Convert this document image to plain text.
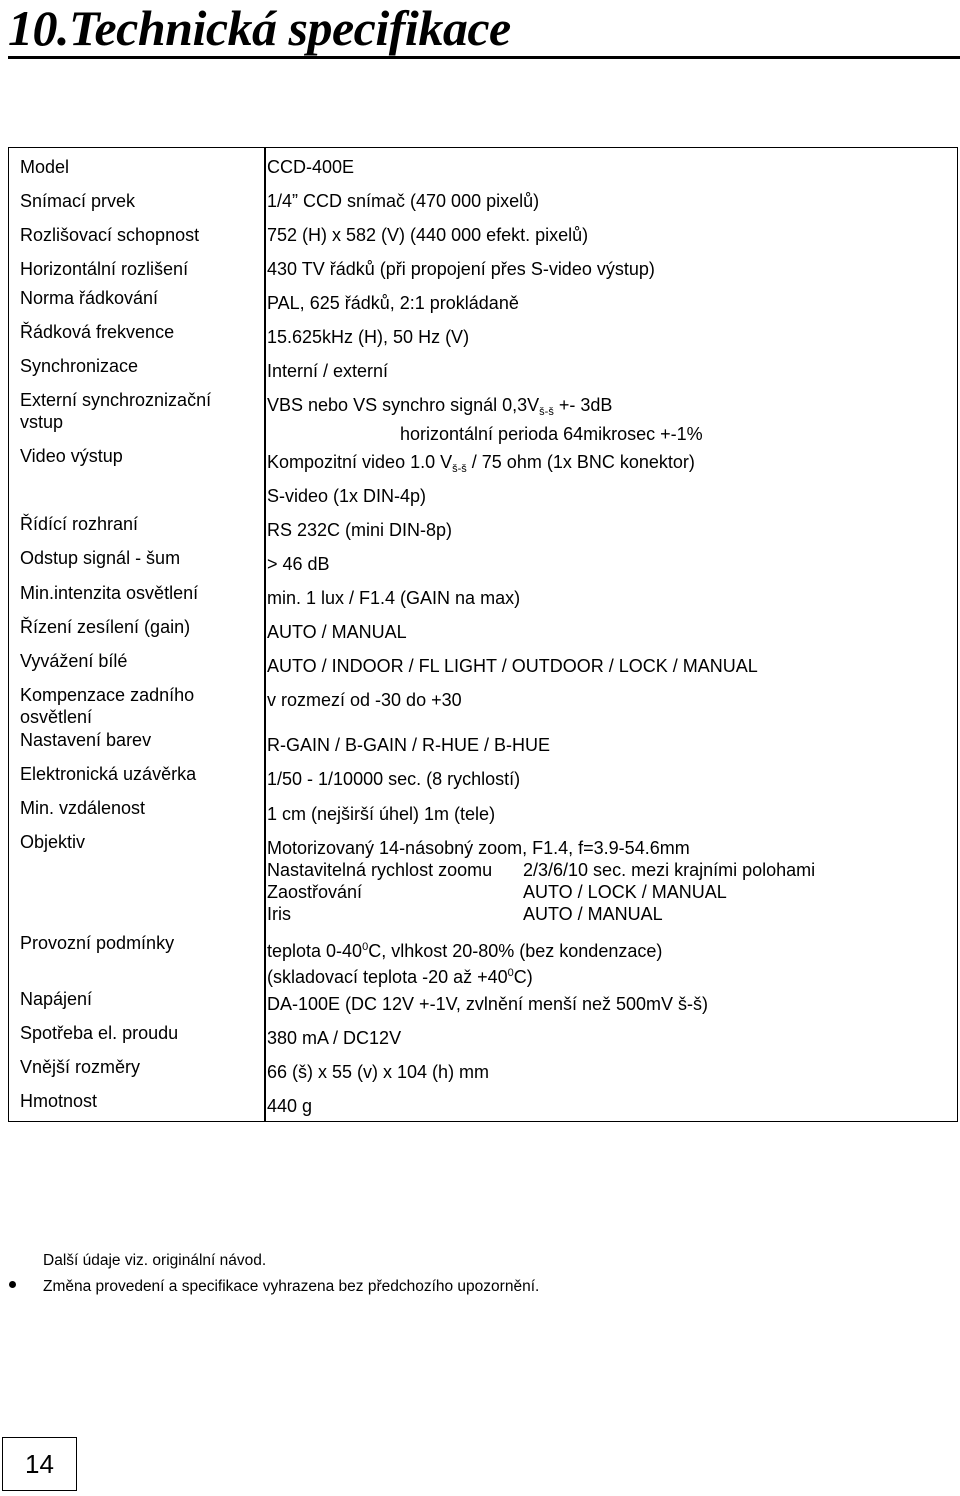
10.Technická specifikace
Model
Snímací prvek
Rozlišovací schopnost
Horizontální rozlišení
Norma řádkování
Řádková frekvence
Synchronizace
Externí synchroznizační
vstup
Video výstup
Řídící rozhraní
Odstup signál - šum
Min.intenzita osvětlení
Řízení zesílení (gain)
Vyvážení bílé
Kompenzace zadního
osvětlení
Nastavení barev
Elektronická uzávěrka
Min. vzdálenost
Objektiv
Provozní podmínky
Napájení
Spotřeba el. proudu
Vnější rozměry
Hmotnost
CCD-400E
1/4” CCD snímač (470 000 pixelů)
752 (H) x 582 (V) (440 000 efekt. pixelů)
430 TV řádků (při propojení přes S-video výstup)
PAL, 625 řádků, 2:1 prokládaně
15.625kHz (H), 50 Hz (V)
Interní / externí
VBS nebo VS synchro signál $0,3V_{š-š} +- 3dB$
horizontální perioda 64mikrosec +-1%
Kompozitní video 1.0 $V_{š-š} / 75$ ohm (1x BNC konektor)
S-video (1x DIN-4p)
RS 232C (mini DIN-8p)
> 46 dB
min. 1 lux / F1.4 (GAIN na max)
AUTO / MANUAL
AUTO / INDOOR / FL LIGHT / OUTDOOR / LOCK / MANUAL
v rozmezí od -30 do +30
R-GAIN / B-GAIN / R-HUE / B-HUE
1/50 - 1/10000 sec. (8 rychlostí)
1 cm (nejširší úhel) 1m (tele)
Motorizovaný 14-násobný zoom, F1.4, f=3.9-54.6mm
Nastavitelná rychlost zoomu 2/3/6/10 sec. mezi krajními polohami
Zaostřování	AUTO / LOCK / MANUAL
Iris	AUTO / MANUAL
teplota $0-40^0C$, vlhkost 20-80% (bez kondenzace)
(skladovací teplota -20 až $+40^0C$)
DA-100E (DC 12V +-1V, zvlnění menší než 500mV š-š)
380 mA / DC12V
66 (š) x 55 (v) x 104 (h) mm
440 g
Další údaje viz. originální návod.
Změna provedení a specifikace vyhrazena bez předchozího upozornění.
14
